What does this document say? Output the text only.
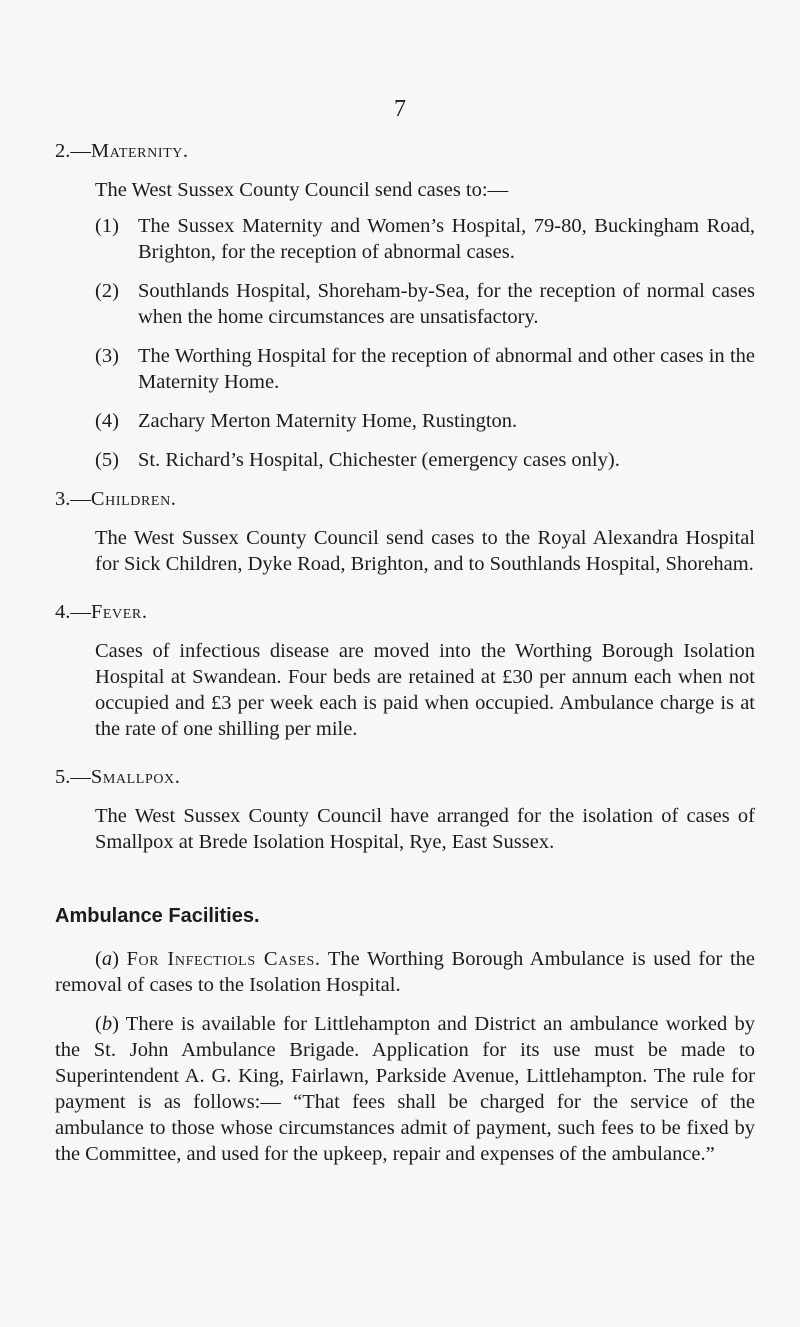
7
2.—Maternity.

The West Sussex County Council send cases to:—

(1) The Sussex Maternity and Women’s Hospital, 79-80, Buckingham Road, Brighton, for the reception of abnormal cases.
(2) Southlands Hospital, Shoreham-by-Sea, for the reception of normal cases when the home circumstances are unsatisfactory.
(3) The Worthing Hospital for the reception of abnormal and other cases in the Maternity Home.
(4) Zachary Merton Maternity Home, Rustington.
(5) St. Richard’s Hospital, Chichester (emergency cases only).
3.—Children.

The West Sussex County Council send cases to the Royal Alexandra Hospital for Sick Children, Dyke Road, Brighton, and to Southlands Hospital, Shoreham.

4.—Fever.

Cases of infectious disease are moved into the Worthing Borough Isolation Hospital at Swandean. Four beds are retained at £30 per annum each when not occupied and £3 per week each is paid when occupied. Ambulance charge is at the rate of one shilling per mile.

5.—Smallpox.

The West Sussex County Council have arranged for the isolation of cases of Smallpox at Brede Isolation Hospital, Rye, East Sussex.

Ambulance Facilities.

(a) For Infectiols Cases. The Worthing Borough Ambulance is used for the removal of cases to the Isolation Hospital.

(b) There is available for Littlehampton and District an ambulance worked by the St. John Ambulance Brigade. Application for its use must be made to Superintendent A. G. King, Fairlawn, Parkside Avenue, Littlehampton. The rule for payment is as follows:— “That fees shall be charged for the service of the ambulance to those whose circumstances admit of payment, such fees to be fixed by the Committee, and used for the upkeep, repair and expenses of the ambulance.”
